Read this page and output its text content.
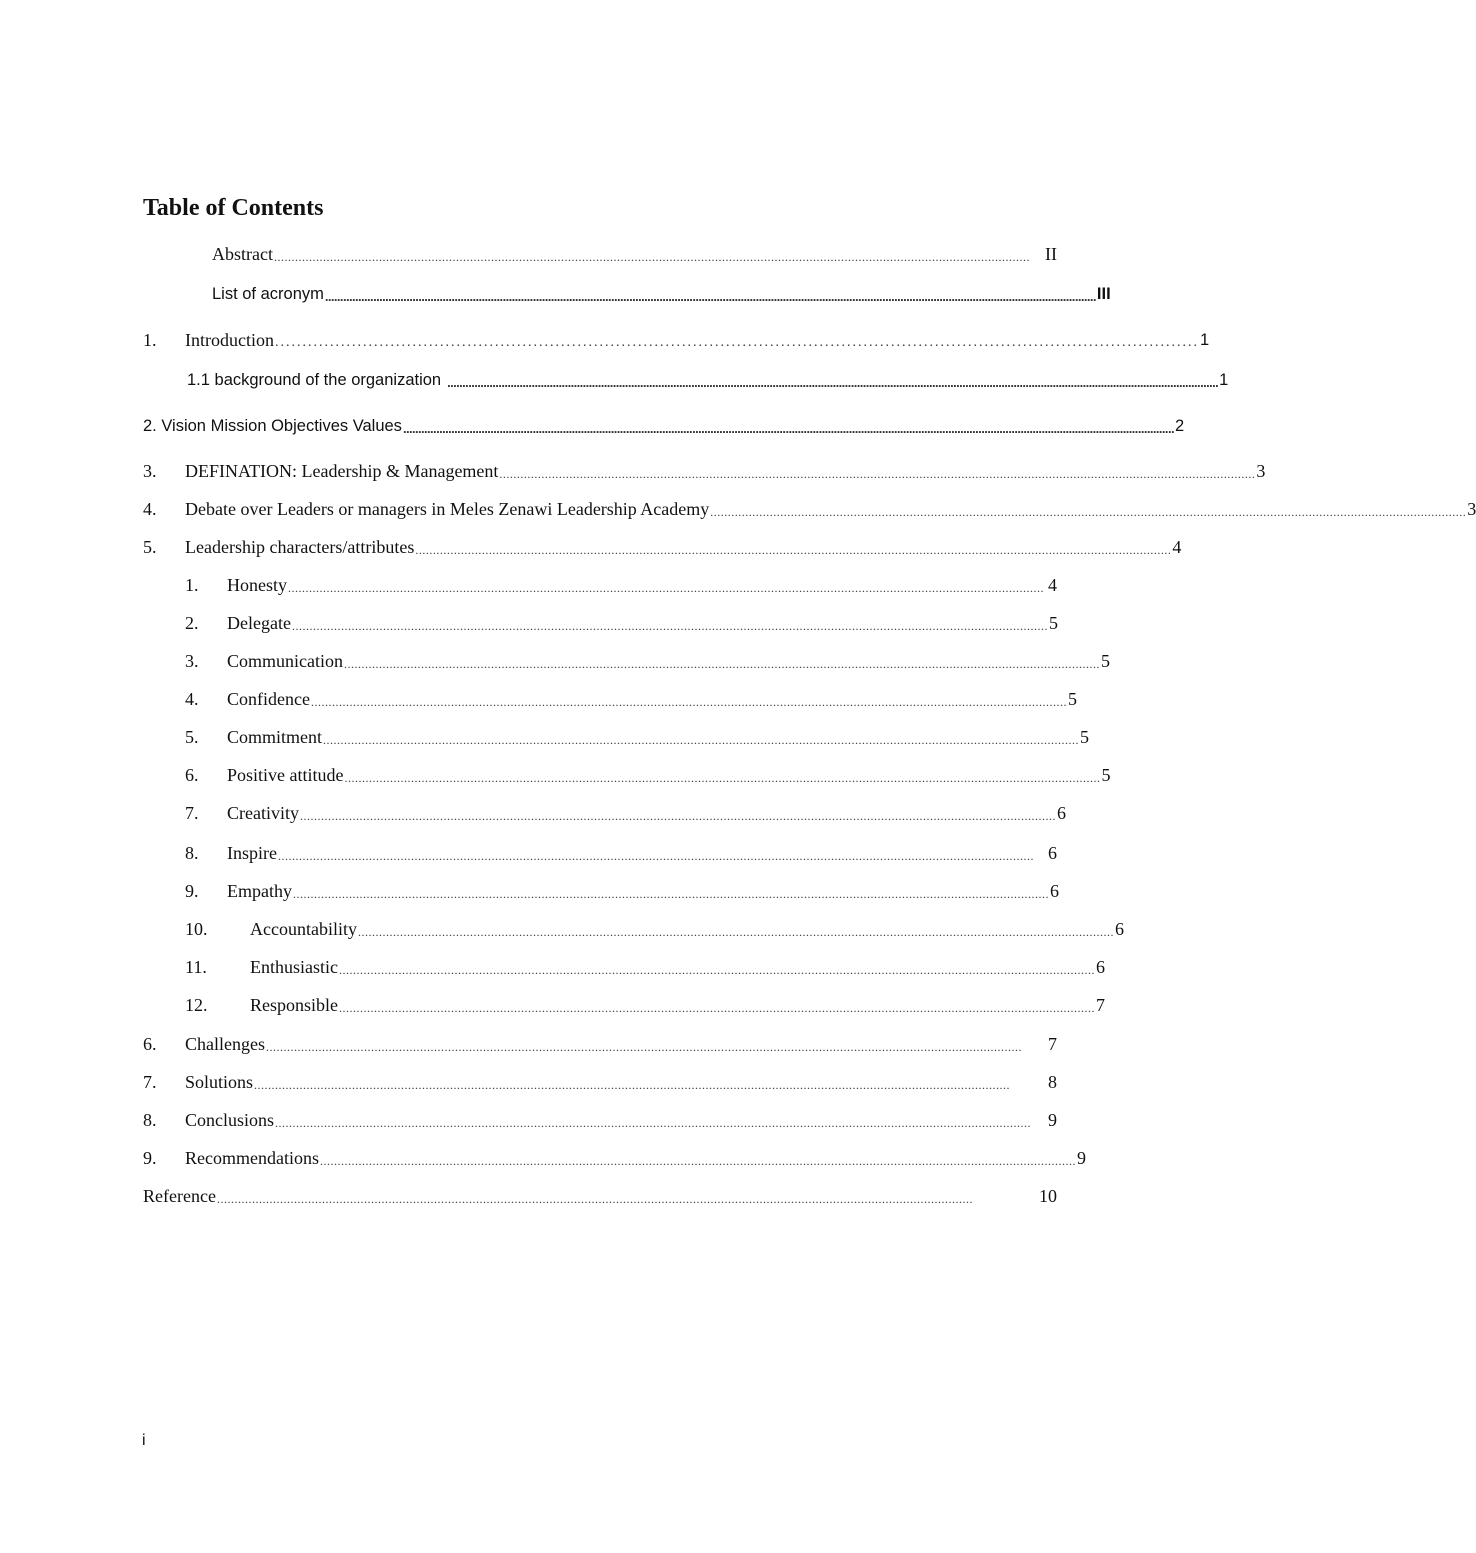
Table of Contents
Abstract ........................................................................................................................................................................................................................ II
List of acronym ................................................................................................................................................................................................................................................................ III
1.	Introduction ........................................................................................................................................................................ 1
1.1 background of the organization ................................................................................................................................................................................................................................................................ 1
2. Vision Mission Objectives Values ................................................................................................................................................................................................................................................................ 2
3.	DEFINATION: Leadership & Management ........................................................................................................................................................................................................................ 3
4.	Debate over Leaders or managers in Meles Zenawi Leadership Academy ........................................................................................................................................................................................................................ 3
5.	Leadership characters/attributes ........................................................................................................................................................................................................................ 4
1.	Honesty ........................................................................................................................................................................................................................ 4
2.	Delegate ........................................................................................................................................................................................................................ 5
3.	Communication ........................................................................................................................................................................................................................ 5
4.	Confidence ........................................................................................................................................................................................................................ 5
5.	Commitment ........................................................................................................................................................................................................................ 5
6.	Positive attitude ........................................................................................................................................................................................................................ 5
7.	Creativity ........................................................................................................................................................................................................................ 6
8.	Inspire ........................................................................................................................................................................................................................ 6
9.	Empathy ........................................................................................................................................................................................................................ 6
10.	Accountability ........................................................................................................................................................................................................................ 6
11.	Enthusiastic ........................................................................................................................................................................................................................ 6
12.	Responsible ........................................................................................................................................................................................................................ 7
6.	Challenges ........................................................................................................................................................................................................................	7
7.	Solutions ........................................................................................................................................................................................................................	8
8.	Conclusions ........................................................................................................................................................................................................................ 9
9.	Recommendations ........................................................................................................................................................................................................................ 9
Reference ........................................................................................................................................................................................................................	10
i
